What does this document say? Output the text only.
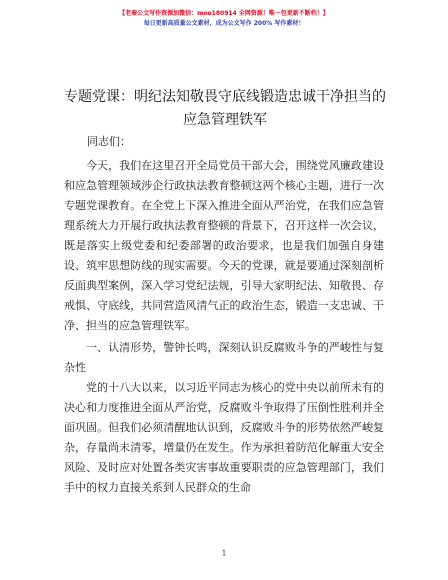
【老秦公文写作资源加微信：moo180914 全网资源！唯一包更新不断档！】
每日更新高质量公文素材，成为公文写作 200% 写作素材！
专题党课：明纪法知敬畏守底线锻造忠诚干净担当的应急管理铁军
同志们：

今天，我们在这里召开全局党员干部大会，围绕党风廉政建设和应急管理领域涉企行政执法教育整顿这两个核心主题，进行一次专题党课教育。在全党上下深入推进全面从严治党，在我们应急管理系统大力开展行政执法教育整顿的背景下，召开这样一次会议，既是落实上级党委和纪委部署的政治要求，也是我们加强自身建设、筑牢思想防线的现实需要。今天的党课，就是要通过深刻剖析反面典型案例，深入学习党纪法规，引导大家明纪法、知敬畏、存戒惧、守底线，共同营造风清气正的政治生态，锻造一支忠诚、干净、担当的应急管理铁军。

一、认清形势，警钟长鸣，深刻认识反腐败斗争的严峻性与复杂性

党的十八大以来，以习近平同志为核心的党中央以前所未有的决心和力度推进全面从严治党，反腐败斗争取得了压倒性胜利并全面巩固。但我们必须清醒地认识到，反腐败斗争的形势依然严峻复杂，存量尚未清零，增量仍在发生。作为承担着防范化解重大安全风险、及时应对处置各类灾害事故重要职责的应急管理部门，我们手中的权力直接关系到人民群众的生命

1
